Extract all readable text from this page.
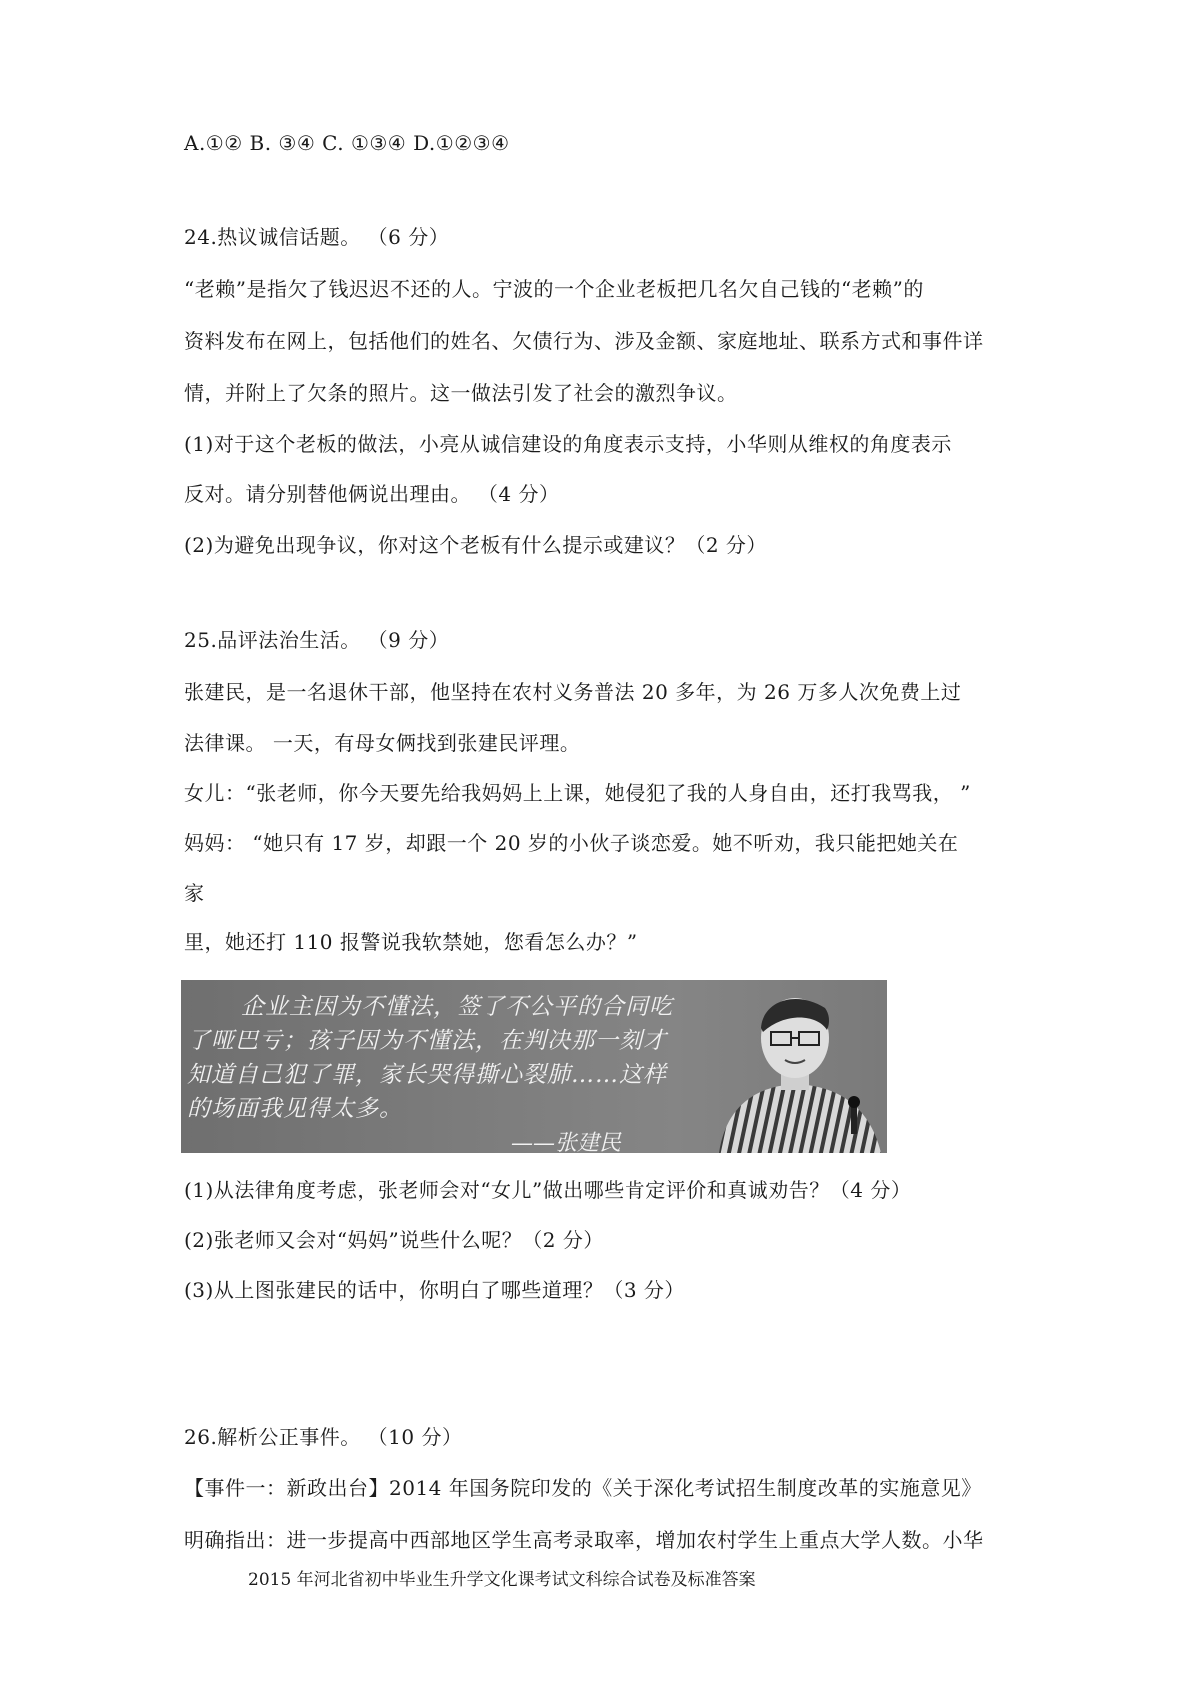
A.①② B. ③④ C. ①③④ D.①②③④
24.热议诚信话题。 （6 分）
“老赖”是指欠了钱迟迟不还的人。宁波的一个企业老板把几名欠自己钱的“老赖”的
资料发布在网上，包括他们的姓名、欠债行为、涉及金额、家庭地址、联系方式和事件详
情，并附上了欠条的照片。这一做法引发了社会的激烈争议。
(1)对于这个老板的做法，小亮从诚信建设的角度表示支持，小华则从维权的角度表示
反对。请分别替他俩说出理由。 （4 分）
(2)为避免出现争议，你对这个老板有什么提示或建议？（2 分）
25.品评法治生活。 （9 分）
张建民，是一名退休干部，他坚持在农村义务普法 20 多年，为 26 万多人次免费上过
法律课。 一天，有母女俩找到张建民评理。
女儿：“张老师，你今天要先给我妈妈上上课，她侵犯了我的人身自由，还打我骂我， ”
妈妈： “她只有 17 岁，却跟一个 20 岁的小伙子谈恋爱。她不听劝，我只能把她关在
家
里，她还打 110 报警说我软禁她，您看怎么办？”
(1)从法律角度考虑，张老师会对“女儿”做出哪些肯定评价和真诚劝告？（4 分）
(2)张老师又会对“妈妈”说些什么呢？（2 分）
(3)从上图张建民的话中，你明白了哪些道理？（3 分）
26.解析公正事件。 （10 分）
【事件一：新政出台】2014 年国务院印发的《关于深化考试招生制度改革的实施意见》
明确指出：进一步提高中西部地区学生高考录取率，增加农村学生上重点大学人数。小华
企业主因为不懂法，签了不公平的合同吃
了哑巴亏；孩子因为不懂法，在判决那一刻才
知道自己犯了罪，家长哭得撕心裂肺……这样
的场面我见得太多。
——张建民
2015 年河北省初中毕业生升学文化课考试文科综合试卷及标准答案
